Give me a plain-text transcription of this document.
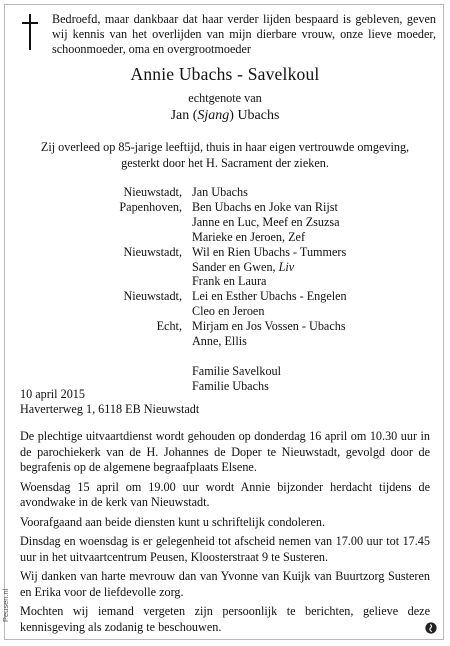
Bedroefd, maar dankbaar dat haar verder lijden bespaard is gebleven, geven wij kennis van het overlijden van mijn dierbare vrouw, onze lieve moeder, schoonmoeder, oma en overgrootmoeder
Annie Ubachs - Savelkoul
echtgenote van
Jan (Sjang) Ubachs
Zij overleed op 85-jarige leeftijd, thuis in haar eigen vertrouwde omgeving,
gesterkt door het H. Sacrament der zieken.
Nieuwstadt, Jan Ubachs
Papenhoven, Ben Ubachs en Joke van Rijst
Janne en Luc, Meef en Zsuzsa
Marieke en Jeroen, Zef
Nieuwstadt, Wil en Rien Ubachs - Tummers
Sander en Gwen, Liv
Frank en Laura
Nieuwstadt, Lei en Esther Ubachs - Engelen
Cleo en Jeroen
Echt, Mirjam en Jos Vossen - Ubachs
Anne, Ellis

Familie Savelkoul
Familie Ubachs
10 april 2015
Haverterweg 1, 6118 EB Nieuwstadt

De plechtige uitvaartdienst wordt gehouden op donderdag 16 april om 10.30 uur in de parochiekerk van de H. Johannes de Doper te Nieuwstadt, gevolgd door de begrafenis op de algemene begraafplaats Elsene.

Woensdag 15 april om 19.00 uur wordt Annie bijzonder herdacht tijdens de avondwake in de kerk van Nieuwstadt.

Voorafgaand aan beide diensten kunt u schriftelijk condoleren.

Dinsdag en woensdag is er gelegenheid tot afscheid nemen van 17.00 uur tot 17.45 uur in het uitvaartcentrum Peusen, Kloosterstraat 9 te Susteren.

Wij danken van harte mevrouw dan van Yvonne van Kuijk van Buurtzorg Susteren en Erika voor de liefdevolle zorg.

Mochten wij iemand vergeten zijn persoonlijk te berichten, gelieve deze kennisgeving als zodanig te beschouwen.

Peusen.nl
